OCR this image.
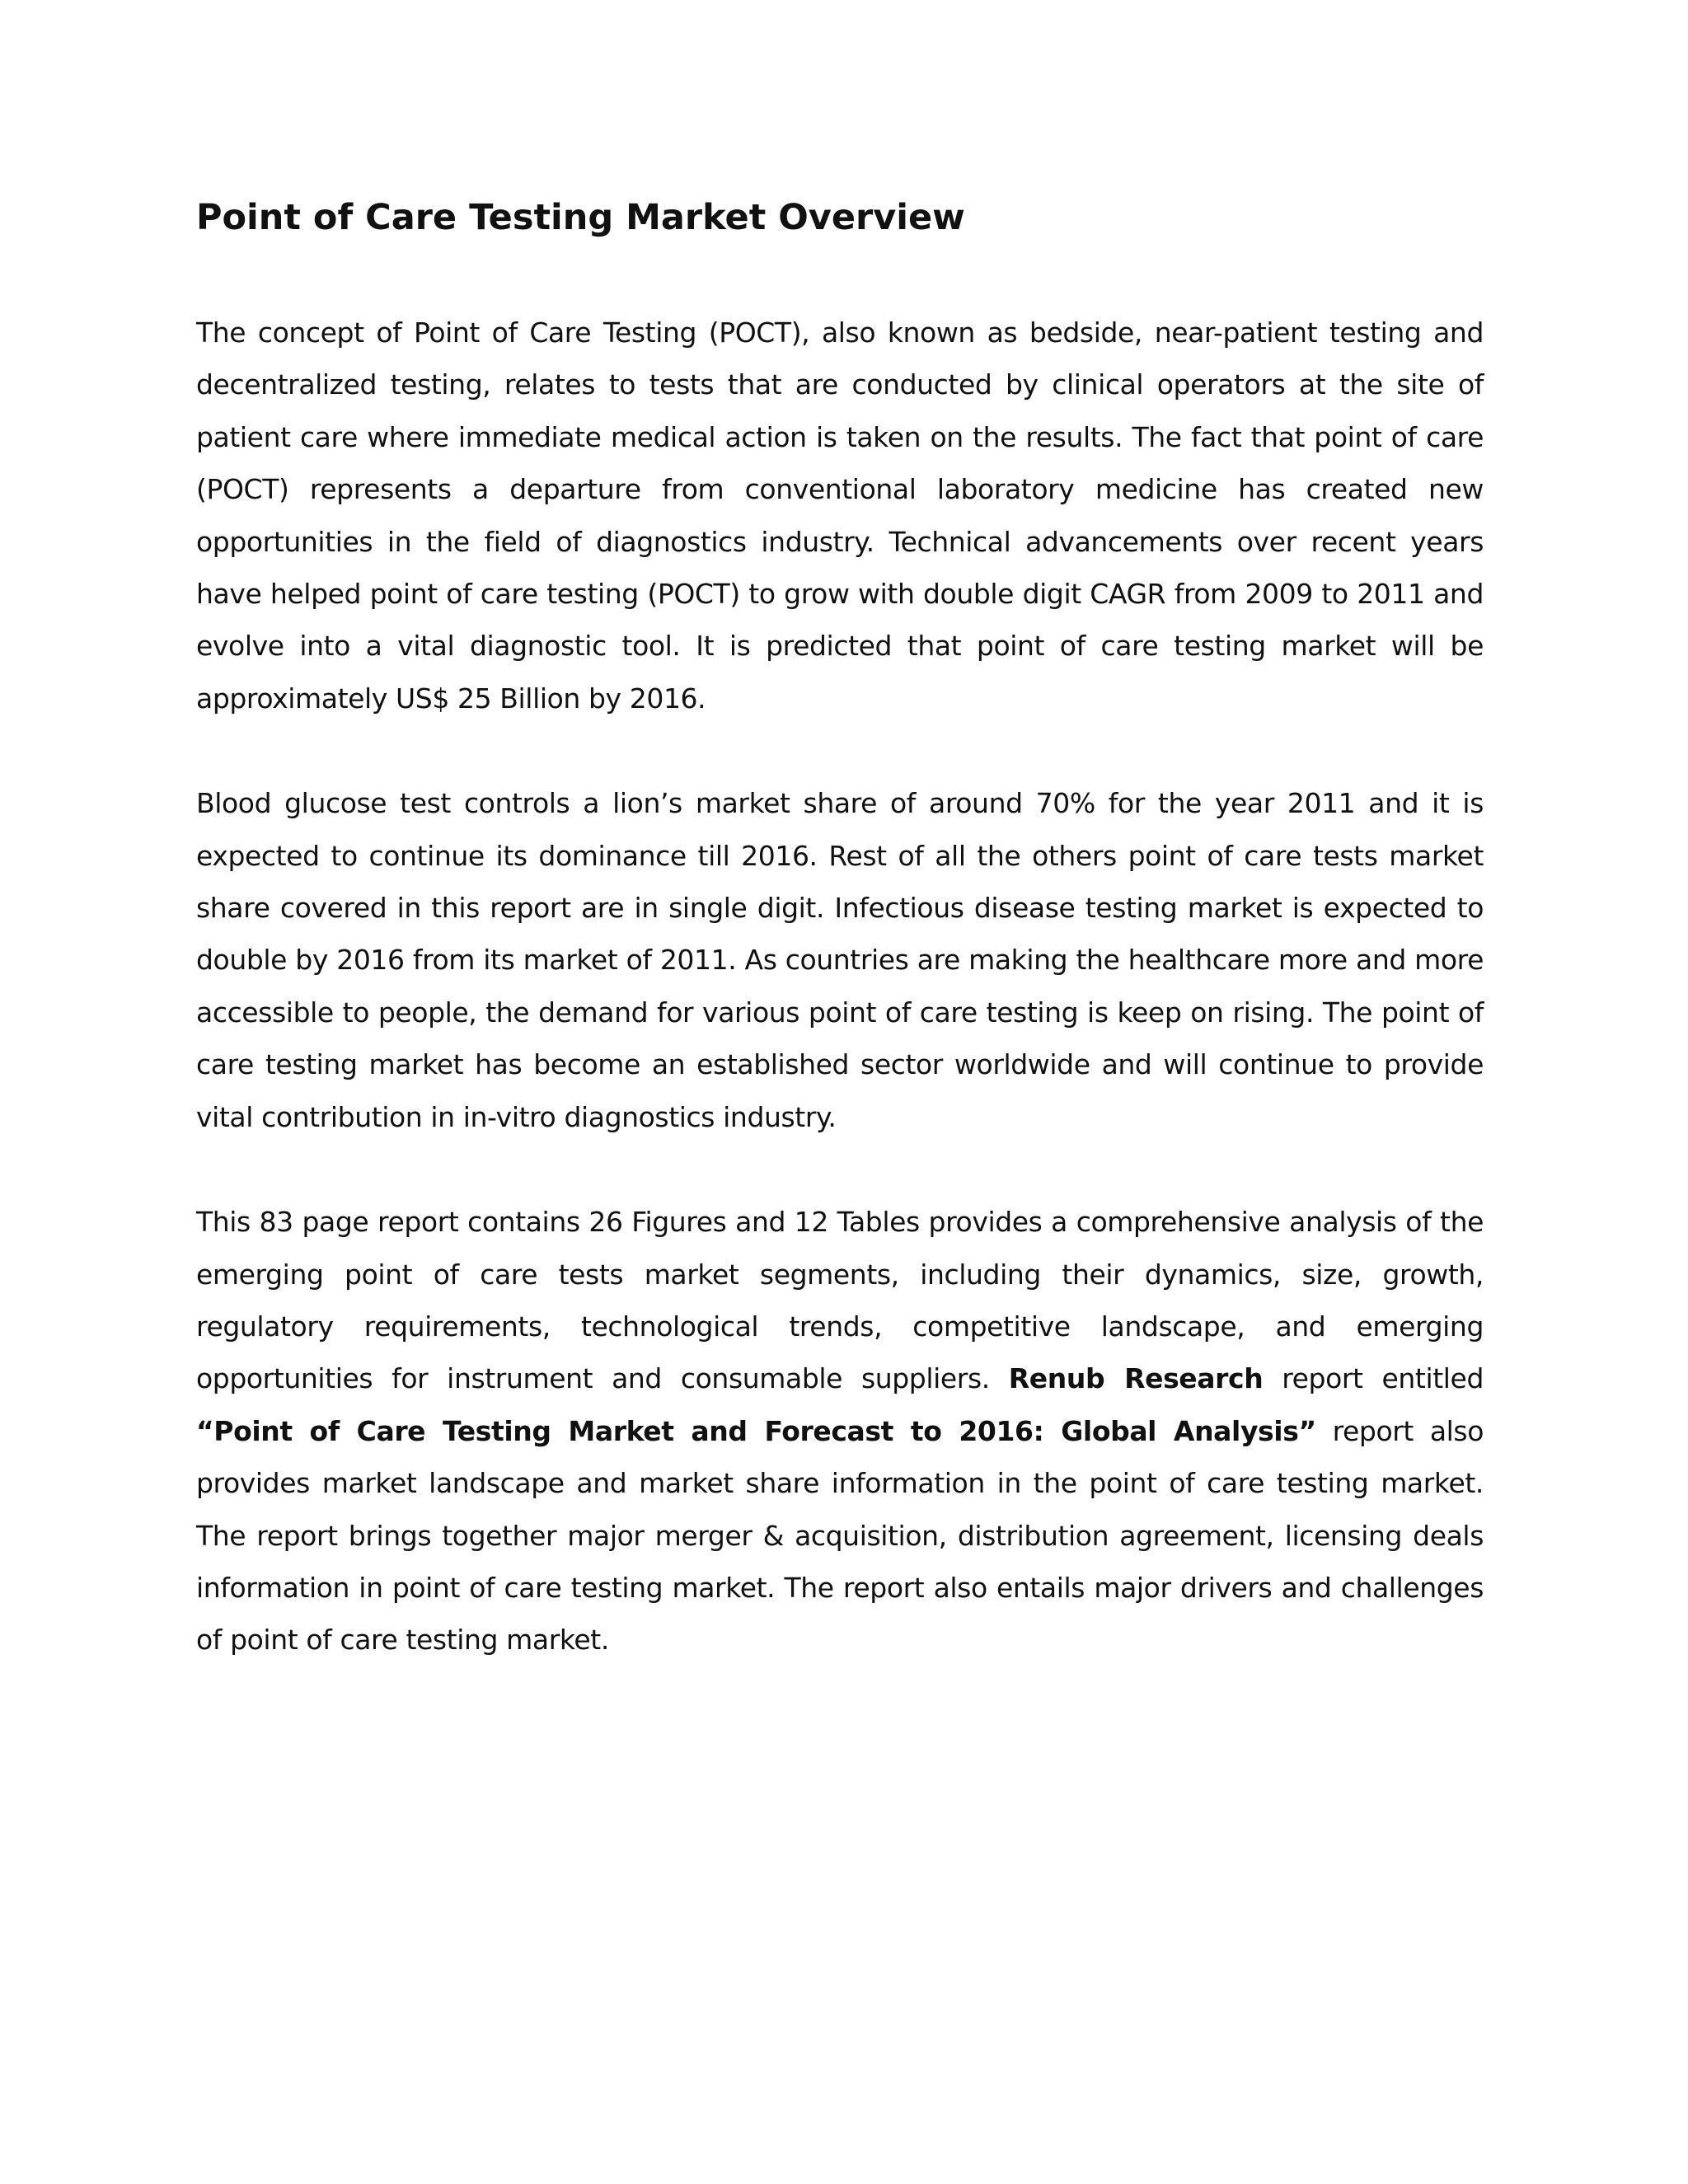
Point of Care Testing Market Overview

The concept of Point of Care Testing (POCT), also known as bedside, near-patient testing and decentralized testing, relates to tests that are conducted by clinical operators at the site of patient care where immediate medical action is taken on the results. The fact that point of care (POCT) represents a departure from conventional laboratory medicine has created new opportunities in the field of diagnostics industry. Technical advancements over recent years have helped point of care testing (POCT) to grow with double digit CAGR from 2009 to 2011 and evolve into a vital diagnostic tool. It is predicted that point of care testing market will be approximately US$ 25 Billion by 2016.

Blood glucose test controls a lion’s market share of around 70% for the year 2011 and it is expected to continue its dominance till 2016. Rest of all the others point of care tests market share covered in this report are in single digit. Infectious disease testing market is expected to double by 2016 from its market of 2011. As countries are making the healthcare more and more accessible to people, the demand for various point of care testing is keep on rising. The point of care testing market has become an established sector worldwide and will continue to provide vital contribution in in-vitro diagnostics industry.

This 83 page report contains 26 Figures and 12 Tables provides a comprehensive analysis of the emerging point of care tests market segments, including their dynamics, size, growth, regulatory requirements, technological trends, competitive landscape, and emerging opportunities for instrument and consumable suppliers. Renub Research report entitled “Point of Care Testing Market and Forecast to 2016: Global Analysis” report also provides market landscape and market share information in the point of care testing market. The report brings together major merger & acquisition, distribution agreement, licensing deals information in point of care testing market. The report also entails major drivers and challenges of point of care testing market.
